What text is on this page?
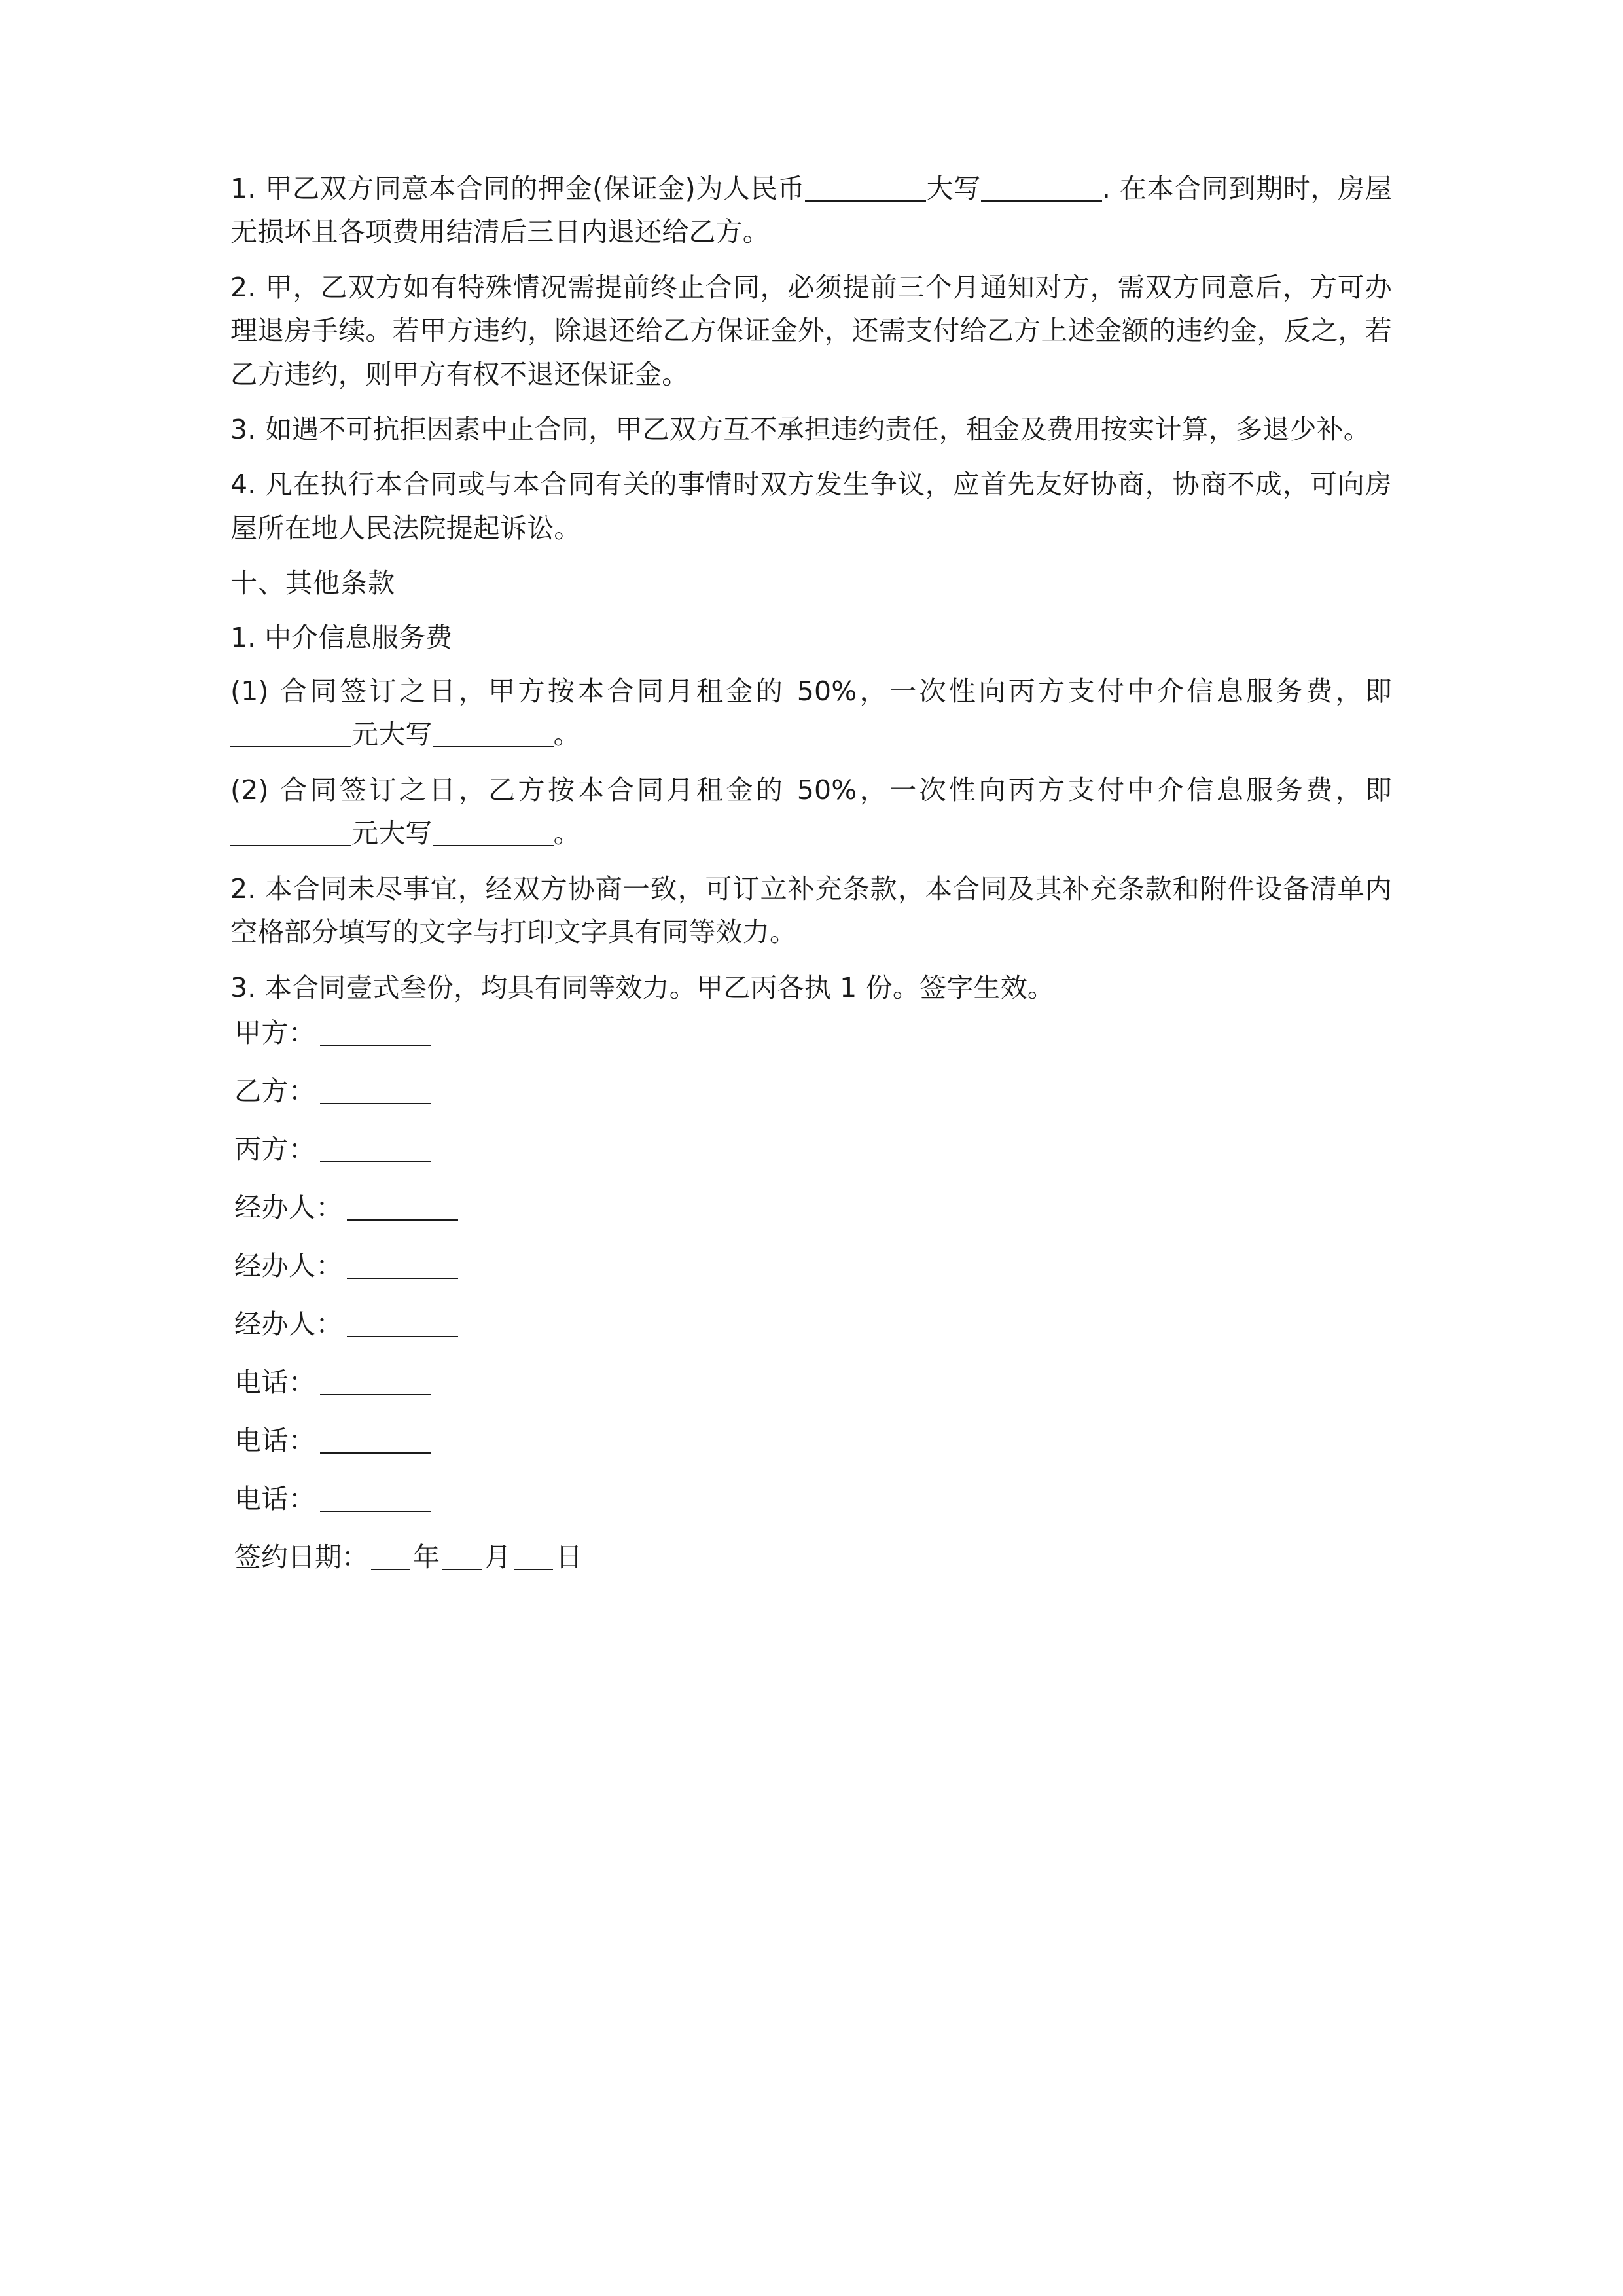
1. 甲乙双方同意本合同的押金(保证金)为人民币	大写	. 在本合同到期时，房屋无损坏且各项费用结清后三日内退还给乙方。

2. 甲，乙双方如有特殊情况需提前终止合同，必须提前三个月通知对方，需双方同意后，方可办理退房手续。若甲方违约，除退还给乙方保证金外，还需支付给乙方上述金额的违约金，反之，若乙方违约，则甲方有权不退还保证金。

3. 如遇不可抗拒因素中止合同，甲乙双方互不承担违约责任，租金及费用按实计算，多退少补。

4. 凡在执行本合同或与本合同有关的事情时双方发生争议，应首先友好协商，协商不成，可向房屋所在地人民法院提起诉讼。

十、其他条款

1. 中介信息服务费

(1) 合同签订之日，甲方按本合同月租金的 50%，一次性向丙方支付中介信息服务费，即元大写	。

(2) 合同签订之日，乙方按本合同月租金的 50%，一次性向丙方支付中介信息服务费，即元大写	。

2. 本合同未尽事宜，经双方协商一致，可订立补充条款，本合同及其补充条款和附件设备清单内空格部分填写的文字与打印文字具有同等效力。

3. 本合同壹式叁份，均具有同等效力。甲乙丙各执 1 份。签字生效。

甲方：
乙方：
丙方：
经办人：
经办人：
经办人：
电话：
电话：
电话：
签约日期： 年 月 日
